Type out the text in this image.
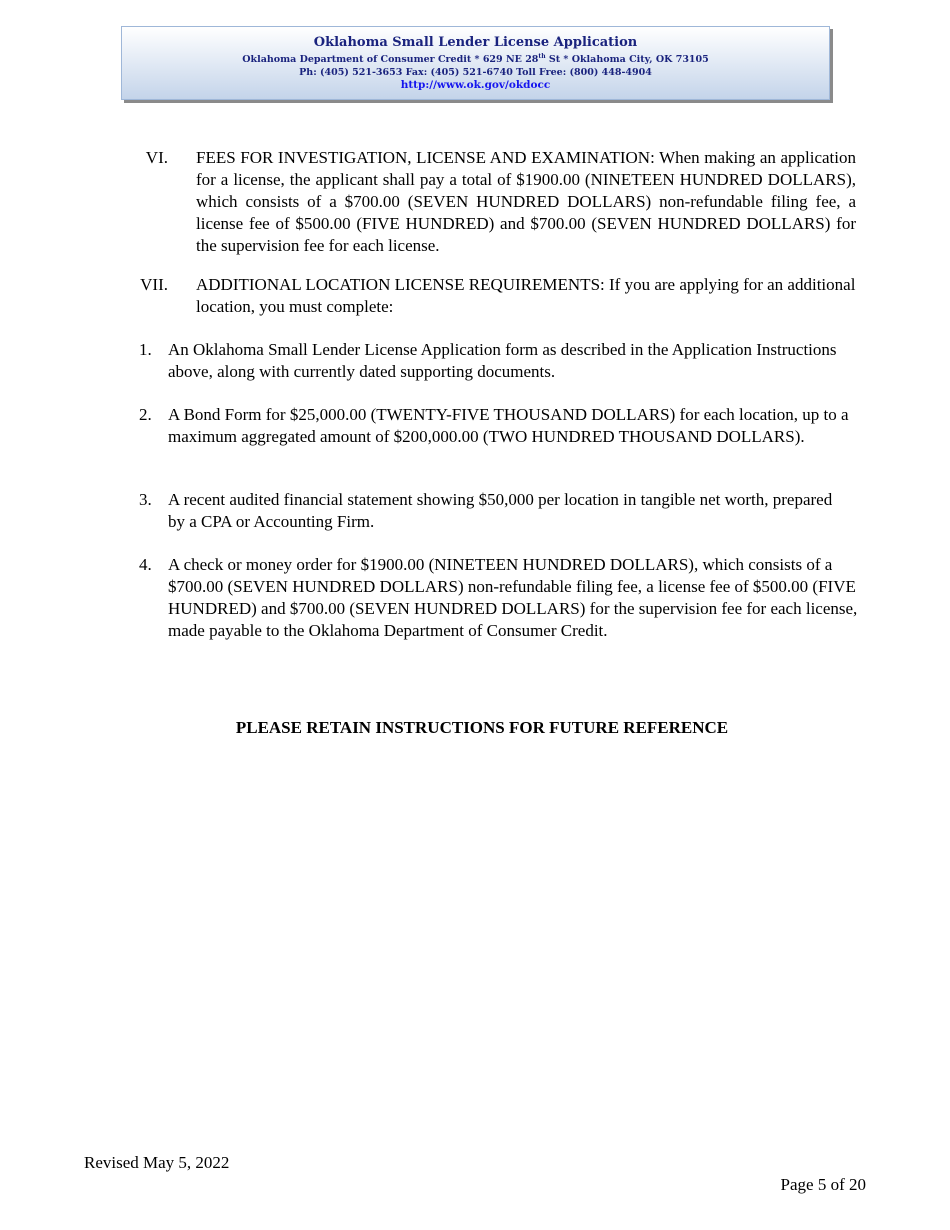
Oklahoma Small Lender License Application
Oklahoma Department of Consumer Credit * 629 NE 28th St * Oklahoma City, OK 73105
Ph: (405) 521-3653 Fax: (405) 521-6740 Toll Free: (800) 448-4904
http://www.ok.gov/okdocc
VI. FEES FOR INVESTIGATION, LICENSE AND EXAMINATION: When making an application for a license, the applicant shall pay a total of $1900.00 (NINETEEN HUNDRED DOLLARS), which consists of a $700.00 (SEVEN HUNDRED DOLLARS) non-refundable filing fee, a license fee of $500.00 (FIVE HUNDRED) and $700.00 (SEVEN HUNDRED DOLLARS) for the supervision fee for each license.
VII. ADDITIONAL LOCATION LICENSE REQUIREMENTS: If you are applying for an additional location, you must complete:
1. An Oklahoma Small Lender License Application form as described in the Application Instructions above, along with currently dated supporting documents.
2. A Bond Form for $25,000.00 (TWENTY-FIVE THOUSAND DOLLARS) for each location, up to a maximum aggregated amount of $200,000.00 (TWO HUNDRED THOUSAND DOLLARS).
3. A recent audited financial statement showing $50,000 per location in tangible net worth, prepared by a CPA or Accounting Firm.
4. A check or money order for $1900.00 (NINETEEN HUNDRED DOLLARS), which consists of a $700.00 (SEVEN HUNDRED DOLLARS) non-refundable filing fee, a license fee of $500.00 (FIVE HUNDRED) and $700.00 (SEVEN HUNDRED DOLLARS) for the supervision fee for each license, made payable to the Oklahoma Department of Consumer Credit.
PLEASE RETAIN INSTRUCTIONS FOR FUTURE REFERENCE
Revised May 5, 2022
Page 5 of 20
